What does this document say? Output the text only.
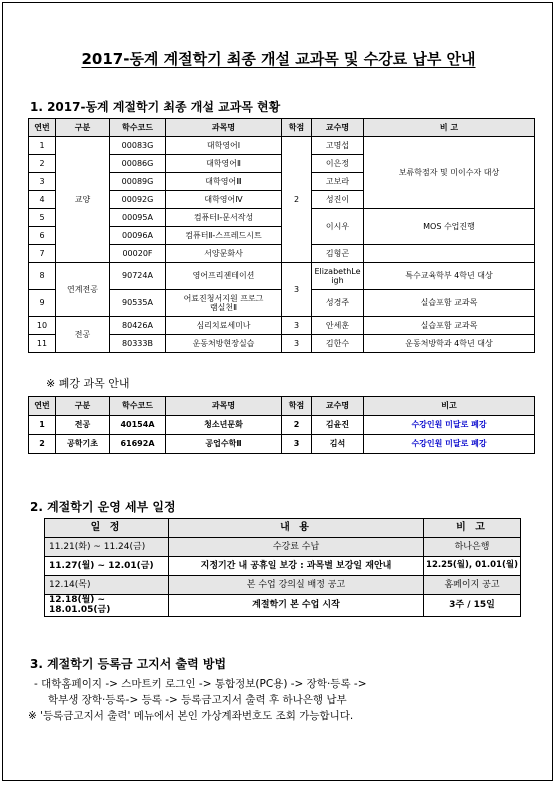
2017-동계 계절학기 최종 개설 교과목 및 수강료 납부 안내
1. 2017-동계 계절학기 최종 개설 교과목 현황
연번	구분	학수코드	과목명	학점	교수명	비 고
1	교양	00083G	대학영어Ⅰ	2	고명섭	보류학점자 및 미이수자 대상
2		00086G	대학영어Ⅱ		이은정	
3		00089G	대학영어Ⅲ		고보라	
4		00092G	대학영어Ⅳ		성진이	
5		00095A	컴퓨터Ⅰ-문서작성		이시우	MOS 수업진행
6		00096A	컴퓨터Ⅱ-스프레드시트			
7		00020F	서양문화사		김형곤	
8	연계전공	90724A	영어프리젠테이션	3	ElizabethLeigh	특수교육학부 4학년 대상
9		90535A	어료진청서지원 프로그램실천Ⅱ		성경주	실습포함 교과목
10	전공	80426A	심리치료세미나	3	안세훈	실습포함 교과목
11		80333B	운동처방현장실습	3	김한수	운동처방학과 4학년 대상
※ 폐강 과목 안내
연번	구분	학수코드	과목명	학점	교수명	비고
1	전공	40154A	청소년문화	2	김윤진	수강인원 미달로 폐강
2	공학기초	61692A	공업수학Ⅱ	3	김석	수강인원 미달로 폐강
2. 계절학기 운영 세부 일정
일 정	내 용	비 고
11.21(화) ~ 11.24(금)	수강료 수납	하나은행
11.27(월) ~ 12.01(금)	지정기간 내 공휴일 보강 : 과목별 보강일 재안내	12.25(월), 01.01(월)
12.14(목)	본 수업 강의실 배정 공고	홈페이지 공고
12.18(월) ~ 18.01.05(금)	계절학기 본 수업 시작	3주 / 15일
3. 계절학기 등록금 고지서 출력 방법
- 대학홈페이지 -> 스마트키 로그인 -> 통합정보(PC용) -> 장학·등록 ->
학부생 장학·등록-> 등록 -> 등록금고지서 출력 후 하나은행 납부
※ '등록금고지서 출력' 메뉴에서 본인 가상계좌번호도 조회 가능합니다.
